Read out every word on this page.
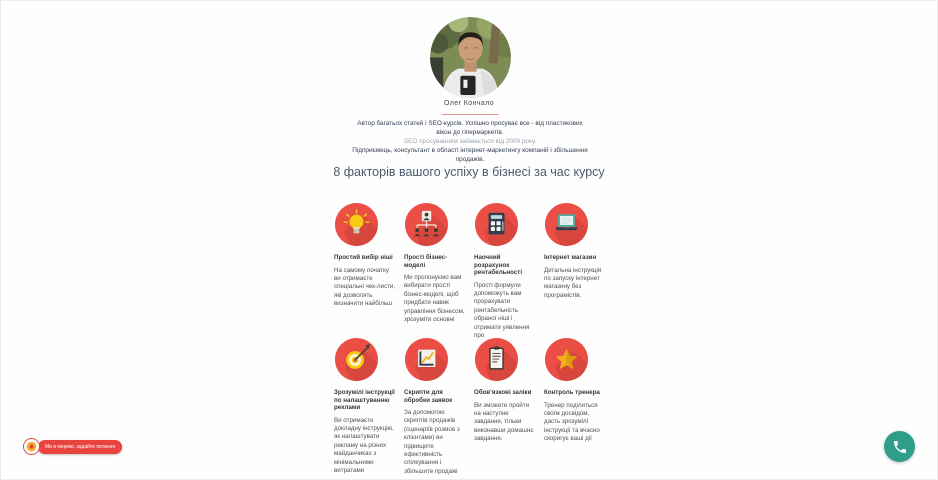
Олег Кончало
Автор багатьох статей і SEO-курсів. Успішно просуває все - від пластикових вікон до гіпермаркетів.
SEO просуванням займається від 2009 року.
Підприємець, консультант в області інтернет-маркетингу компаній і збільшення продажів.
8 факторів вашого успіху в бізнесі за час курсу
Простий вибір ніші

На самому початку ви отримаєте спеціальні чек-листи, які дозволять визначити найбільш

Прості бізнес-моделі

Ми пропонуємо вам вибирати прості бізнес-моделі, щоб придбати навик управління бізнесом, зрозуміти основні

Наочний розрахунок рентабельності

Прості формули допоможуть вам прорахувати рентабельність обраної ніші і отримати уявлення про

Інтернет магазин

Детальна інструкція по запуску інтернет магазину без програмістів.

Зрозумілі інструкції по налаштуванню реклами

Ви отримаєте докладну інструкцію, як налаштувати рекламу на різних майданчиках з мінімальними витратами

Скрипти для обробки заявок

За допомогою скриптів продажів (сценаріїв розмов з клієнтами) ви підвищите ефективність спілкування і збільшите продажі

Обов'язкові заліки

Ви зможете пройти на наступне завдання, тільки виконавши домашнє завдання.

Контроль тренера

Тренер поділиться своїм досвідом, дасть зрозумілі інструкції та вчасно скоригує ваші дії

Ми в мережі, задайте питання
